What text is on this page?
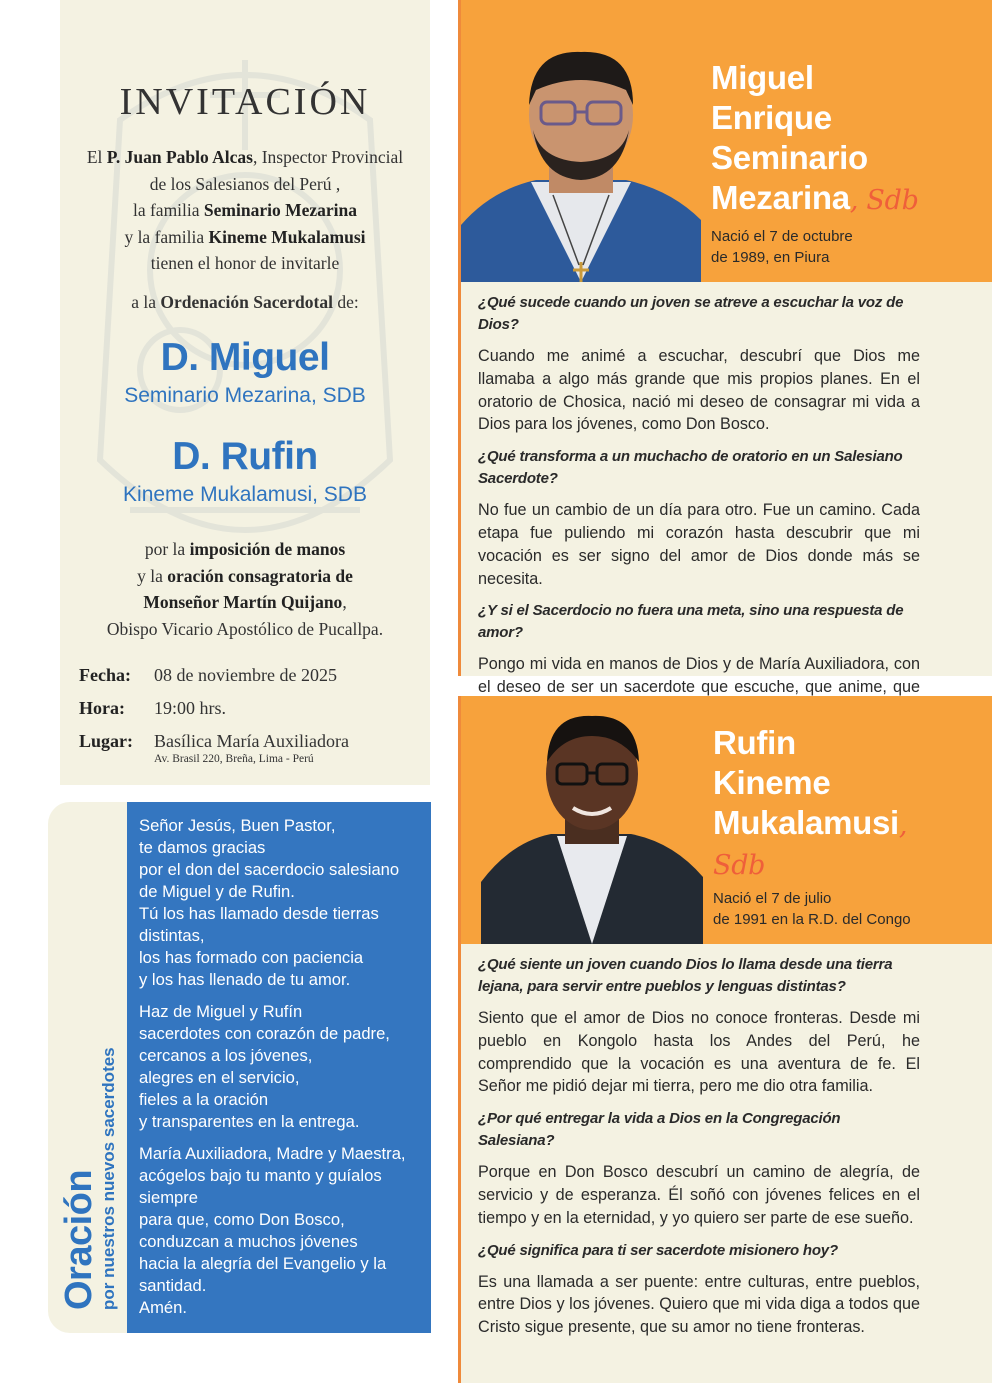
INVITACIÓN
El P. Juan Pablo Alcas, Inspector Provincial
de los Salesianos del Perú ,
la familia Seminario Mezarina
y la familia Kineme Mukalamusi
tienen el honor de invitarle
a la Ordenación Sacerdotal de:
D. Miguel
Seminario Mezarina, SDB
D. Rufin
Kineme Mukalamusi, SDB
por la imposición de manos
y la oración consagratoria de
Monseñor Martín Quijano,
Obispo Vicario Apostólico de Pucallpa.
Fecha: 08 de noviembre de 2025
Hora: 19:00 hrs.
Lugar: Basílica María Auxiliadora
Av. Brasil 220, Breña, Lima - Perú
Oración por nuestros nuevos sacerdotes

Señor Jesús, Buen Pastor,
te damos gracias
por el don del sacerdocio salesiano
de Miguel y de Rufin.
Tú los has llamado desde tierras
distintas,
los has formado con paciencia
y los has llenado de tu amor.

Haz de Miguel y Rufín
sacerdotes con corazón de padre,
cercanos a los jóvenes,
alegres en el servicio,
fieles a la oración
y transparentes en la entrega.

María Auxiliadora, Madre y Maestra,
acógelos bajo tu manto y guíalos
siempre
para que, como Don Bosco,
conduzcan a muchos jóvenes
hacia la alegría del Evangelio y la
santidad.
Amén.

Miguel
Enrique
Seminario
Mezarina, Sdb
Nació el 7 de octubre
de 1989, en Piura
¿Qué sucede cuando un joven se atreve a escuchar la voz de Dios?
Cuando me animé a escuchar, descubrí que Dios me llamaba a algo más grande que mis propios planes. En el oratorio de Chosica, nació mi deseo de consagrar mi vida a Dios para los jóvenes, como Don Bosco.
¿Qué transforma a un muchacho de oratorio en un Salesiano Sacerdote?
No fue un cambio de un día para otro. Fue un camino. Cada etapa fue puliendo mi corazón hasta descubrir que mi vocación es ser signo del amor de Dios donde más se necesita.
¿Y si el Sacerdocio no fuera una meta, sino una respuesta de amor?
Pongo mi vida en manos de Dios y de María Auxiliadora, con el deseo de ser un sacerdote que escuche, que anime, que
Rufin
Kineme
Mukalamusi,
Sdb
Nació el 7 de julio
de 1991 en la R.D. del Congo
¿Qué siente un joven cuando Dios lo llama desde una tierra lejana, para servir entre pueblos y lenguas distintas?
Siento que el amor de Dios no conoce fronteras. Desde mi pueblo en Kongolo hasta los Andes del Perú, he comprendido que la vocación es una aventura de fe. El Señor me pidió dejar mi tierra, pero me dio otra familia.
¿Por qué entregar la vida a Dios en la Congregación Salesiana?
Porque en Don Bosco descubrí un camino de alegría, de servicio y de esperanza. Él soñó con jóvenes felices en el tiempo y en la eternidad, y yo quiero ser parte de ese sueño.
¿Qué significa para ti ser sacerdote misionero hoy?
Es una llamada a ser puente: entre culturas, entre pueblos, entre Dios y los jóvenes. Quiero que mi vida diga a todos que Cristo sigue presente, que su amor no tiene fronteras.
